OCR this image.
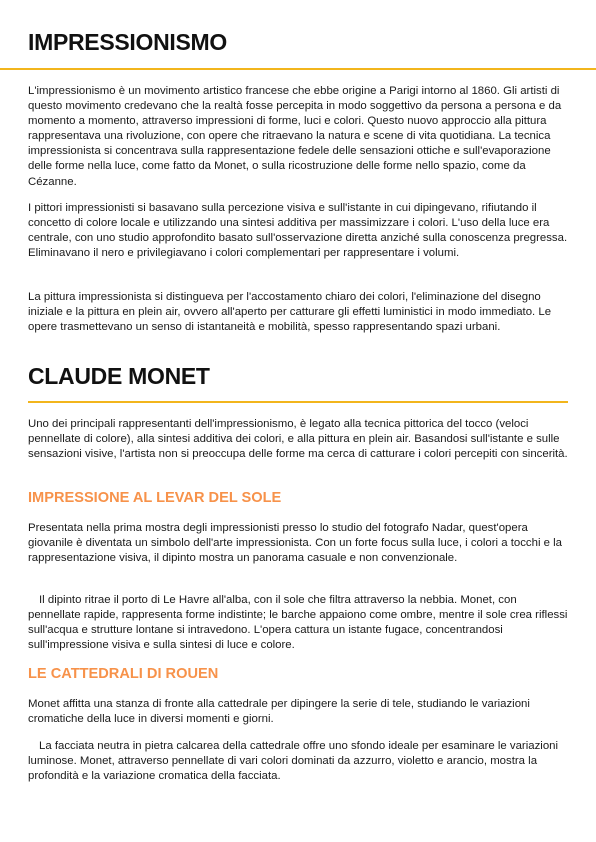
IMPRESSIONISMO

L'impressionismo è un movimento artistico francese che ebbe origine a Parigi intorno al 1860. Gli artisti di questo movimento credevano che la realtà fosse percepita in modo soggettivo da persona a persona e da momento a momento, attraverso impressioni di forme, luci e colori. Questo nuovo approccio alla pittura rappresentava una rivoluzione, con opere che ritraevano la natura e scene di vita quotidiana. La tecnica impressionista si concentrava sulla rappresentazione fedele delle sensazioni ottiche e sull'evaporazione delle forme nella luce, come fatto da Monet, o sulla ricostruzione delle forme nello spazio, come da Cézanne.

I pittori impressionisti si basavano sulla percezione visiva e sull'istante in cui dipingevano, rifiutando il concetto di colore locale e utilizzando una sintesi additiva per massimizzare i colori. L'uso della luce era centrale, con uno studio approfondito basato sull'osservazione diretta anziché sulla conoscenza pregressa. Eliminavano il nero e privilegiavano i colori complementari per rappresentare i volumi.

La pittura impressionista si distingueva per l'accostamento chiaro dei colori, l'eliminazione del disegno iniziale e la pittura en plein air, ovvero all'aperto per catturare gli effetti luministici in modo immediato. Le opere trasmettevano un senso di istantaneità e mobilità, spesso rappresentando spazi urbani.

CLAUDE MONET

Uno dei principali rappresentanti dell'impressionismo, è legato alla tecnica pittorica del tocco (veloci pennellate di colore), alla sintesi additiva dei colori, e alla pittura en plein air. Basandosi sull'istante e sulle sensazioni visive, l'artista non si preoccupa delle forme ma cerca di catturare i colori percepiti con sincerità.

IMPRESSIONE AL LEVAR DEL SOLE

Presentata nella prima mostra degli impressionisti presso lo studio del fotografo Nadar, quest'opera giovanile è diventata un simbolo dell'arte impressionista. Con un forte focus sulla luce, i colori a tocchi e la rappresentazione visiva, il dipinto mostra un panorama casuale e non convenzionale.

Il dipinto ritrae il porto di Le Havre all'alba, con il sole che filtra attraverso la nebbia. Monet, con pennellate rapide, rappresenta forme indistinte; le barche appaiono come ombre, mentre il sole crea riflessi sull'acqua e strutture lontane si intravedono. L'opera cattura un istante fugace, concentrandosi sull'impressione visiva e sulla sintesi di luce e colore.

LE CATTEDRALI DI ROUEN

Monet affitta una stanza di fronte alla cattedrale per dipingere la serie di tele, studiando le variazioni cromatiche della luce in diversi momenti e giorni.

La facciata neutra in pietra calcarea della cattedrale offre uno sfondo ideale per esaminare le variazioni luminose. Monet, attraverso pennellate di vari colori dominati da azzurro, violetto e arancio, mostra la profondità e la variazione cromatica della facciata.
